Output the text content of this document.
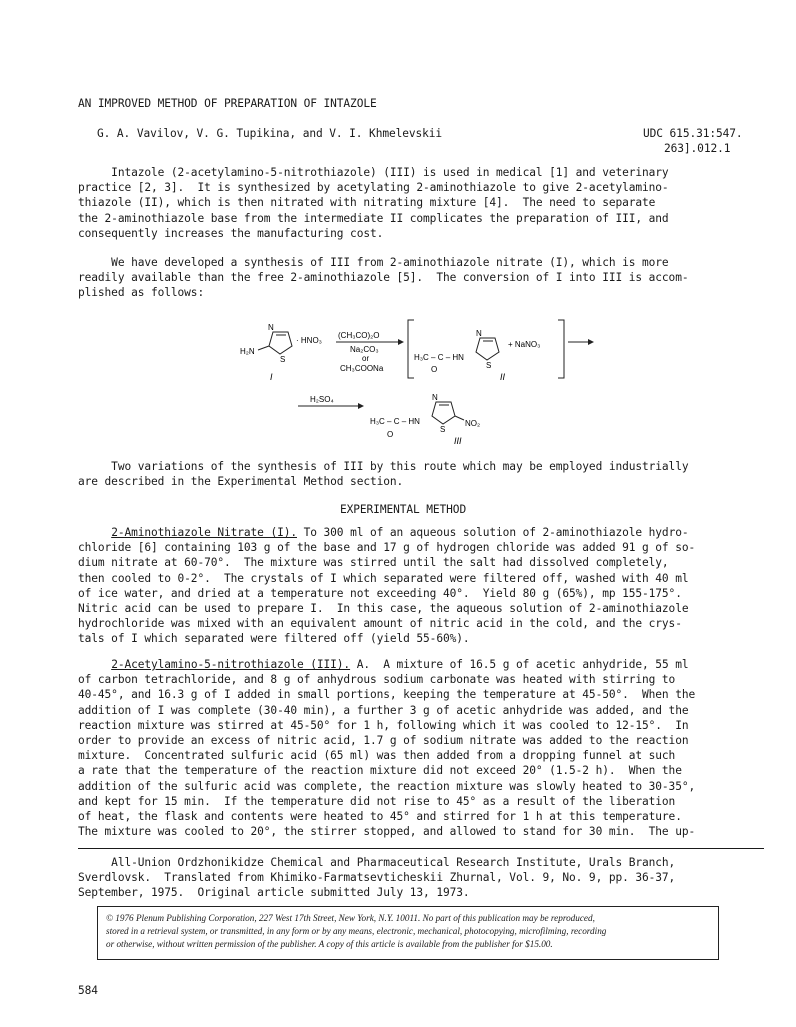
AN IMPROVED METHOD OF PREPARATION OF INTAZOLE
G. A. Vavilov, V. G. Tupikina, and V. I. Khmelevskii	UDC 615.31:547.
263].012.1
Intazole (2-acetylamino-5-nitrothiazole) (III) is used in medical [1] and veterinary
practice [2, 3].  It is synthesized by acetylating 2-aminothiazole to give 2-acetylamino-
thiazole (II), which is then nitrated with nitrating mixture [4].  The need to separate
the 2-aminothiazole base from the intermediate II complicates the preparation of III, and
consequently increases the manufacturing cost.
We have developed a synthesis of III from 2-aminothiazole nitrate (I), which is more
readily available than the free 2-aminothiazole [5].  The conversion of I into III is accom-
plished as follows:
N
S
H₂N
· HNO₃
I
(CH₃CO)₂O
Na₂CO₃
or
CH₃COONa
H₃C – C – HN
O
N
S
+ NaNO₃
II
H₂SO₄
H₃C – C – HN
O
N
S
NO₂
III
Two variations of the synthesis of III by this route which may be employed industrially
are described in the Experimental Method section.
EXPERIMENTAL METHOD
2-Aminothiazole Nitrate (I). To 300 ml of an aqueous solution of 2-aminothiazole hydro-
chloride [6] containing 103 g of the base and 17 g of hydrogen chloride was added 91 g of so-
dium nitrate at 60-70°.  The mixture was stirred until the salt had dissolved completely,
then cooled to 0-2°.  The crystals of I which separated were filtered off, washed with 40 ml
of ice water, and dried at a temperature not exceeding 40°.  Yield 80 g (65%), mp 155-175°.
Nitric acid can be used to prepare I.  In this case, the aqueous solution of 2-aminothiazole
hydrochloride was mixed with an equivalent amount of nitric acid in the cold, and the crys-
tals of I which separated were filtered off (yield 55-60%).
2-Acetylamino-5-nitrothiazole (III). A.  A mixture of 16.5 g of acetic anhydride, 55 ml
of carbon tetrachloride, and 8 g of anhydrous sodium carbonate was heated with stirring to
40-45°, and 16.3 g of I added in small portions, keeping the temperature at 45-50°.  When the
addition of I was complete (30-40 min), a further 3 g of acetic anhydride was added, and the
reaction mixture was stirred at 45-50° for 1 h, following which it was cooled to 12-15°.  In
order to provide an excess of nitric acid, 1.7 g of sodium nitrate was added to the reaction
mixture.  Concentrated sulfuric acid (65 ml) was then added from a dropping funnel at such
a rate that the temperature of the reaction mixture did not exceed 20° (1.5-2 h).  When the
addition of the sulfuric acid was complete, the reaction mixture was slowly heated to 30-35°,
and kept for 15 min.  If the temperature did not rise to 45° as a result of the liberation
of heat, the flask and contents were heated to 45° and stirred for 1 h at this temperature.
The mixture was cooled to 20°, the stirrer stopped, and allowed to stand for 30 min.  The up-
All-Union Ordzhonikidze Chemical and Pharmaceutical Research Institute, Urals Branch,
Sverdlovsk.  Translated from Khimiko-Farmatsevticheskii Zhurnal, Vol. 9, No. 9, pp. 36-37,
September, 1975.  Original article submitted July 13, 1973.
© 1976 Plenum Publishing Corporation, 227 West 17th Street, New York, N.Y. 10011. No part of this publication may be reproduced,
stored in a retrieval system, or transmitted, in any form or by any means, electronic, mechanical, photocopying, microfilming, recording
or otherwise, without written permission of the publisher. A copy of this article is available from the publisher for $15.00.
584
